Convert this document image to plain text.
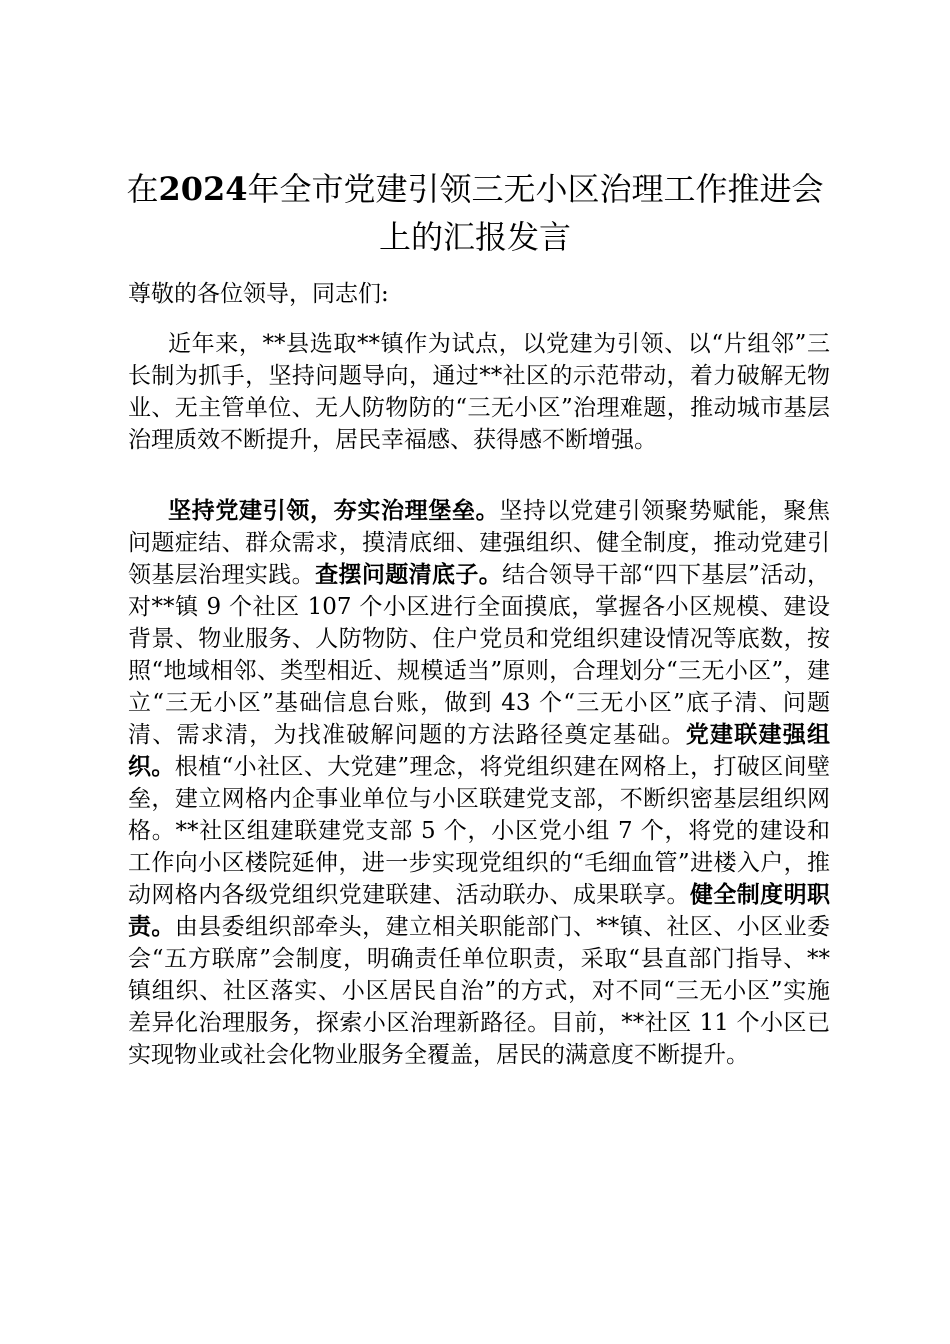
在2024年全市党建引领三无小区治理工作推进会上的汇报发言

尊敬的各位领导，同志们:

近年来，**县选取**镇作为试点，以党建为引领、以“片组邻”三长制为抓手，坚持问题导向，通过**社区的示范带动，着力破解无物业、无主管单位、无人防物防的“三无小区”治理难题，推动城市基层治理质效不断提升，居民幸福感、获得感不断增强。

坚持党建引领，夯实治理堡垒。坚持以党建引领聚势赋能，聚焦问题症结、群众需求，摸清底细、建强组织、健全制度，推动党建引领基层治理实践。查摆问题清底子。结合领导干部“四下基层”活动，对**镇 9 个社区 107 个小区进行全面摸底，掌握各小区规模、建设背景、物业服务、人防物防、住户党员和党组织建设情况等底数，按照“地域相邻、类型相近、规模适当”原则，合理划分“三无小区”，建立“三无小区”基础信息台账，做到 43 个“三无小区”底子清、问题清、需求清，为找准破解问题的方法路径奠定基础。党建联建强组织。根植“小社区、大党建”理念，将党组织建在网格上，打破区间壁垒，建立网格内企事业单位与小区联建党支部，不断织密基层组织网格。**社区组建联建党支部 5 个，小区党小组 7 个，将党的建设和工作向小区楼院延伸，进一步实现党组织的“毛细血管”进楼入户，推动网格内各级党组织党建联建、活动联办、成果联享。健全制度明职责。由县委组织部牵头，建立相关职能部门、**镇、社区、小区业委会“五方联席”会制度，明确责任单位职责，采取“县直部门指导、**镇组织、社区落实、小区居民自治”的方式，对不同“三无小区”实施差异化治理服务，探索小区治理新路径。目前，**社区 11 个小区已实现物业或社会化物业服务全覆盖，居民的满意度不断提升。
